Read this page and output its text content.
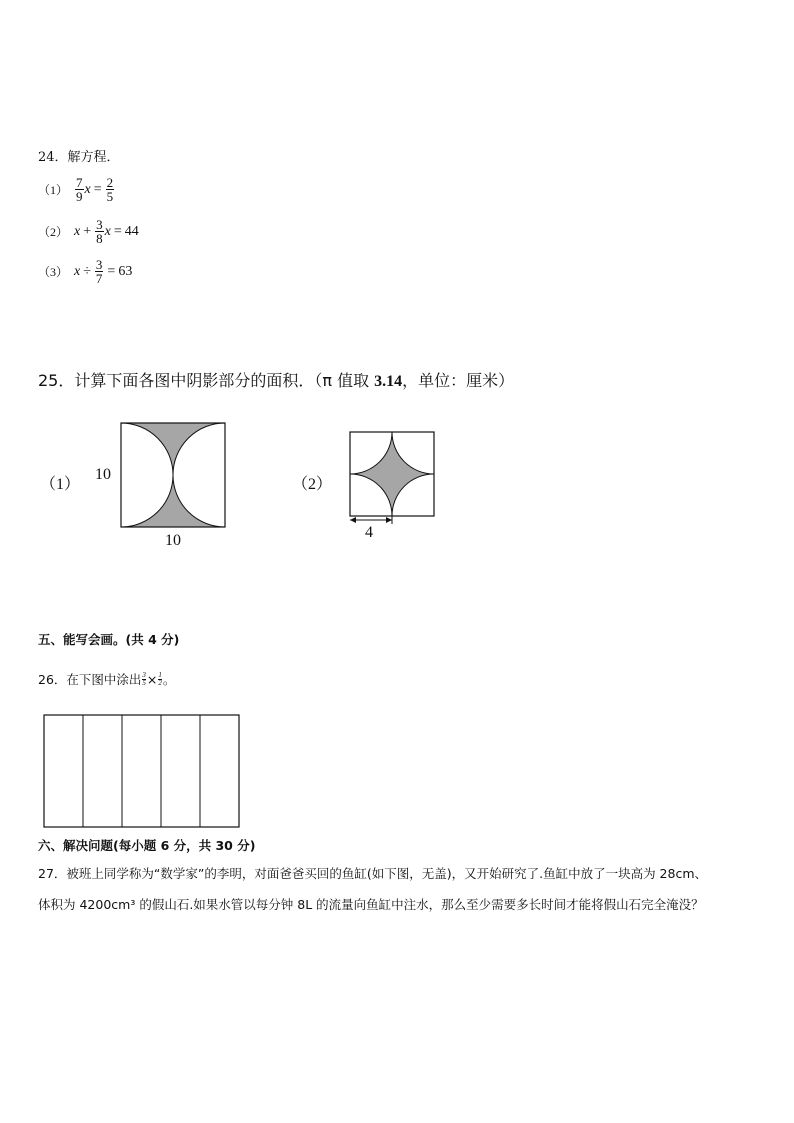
24．解方程．
$(1) \frac{7}{9}$ $x = \frac{2}{5}$
（2） $x + \frac{3}{8}$ x = 44
（3） $x \div \frac{3}{7} = 63$
25．计算下面各图中阴影部分的面积．（π 值取 3.14，单位：厘米）
（1）
10
10
（2）
4
五、能写会画。(共 4 分)
26．在下图中涂出 $\frac{3}{5} \times \frac{1}{2}$ 。
六、解决问题(每小题 6 分，共 30 分)
27．被班上同学称为“数学家”的李明，对面爸爸买回的鱼缸(如下图，无盖)，又开始研究了.鱼缸中放了一块高为 28cm、
体积为 4200cm³ 的假山石.如果水管以每分钟 8L 的流量向鱼缸中注水，那么至少需要多长时间才能将假山石完全淹没？
